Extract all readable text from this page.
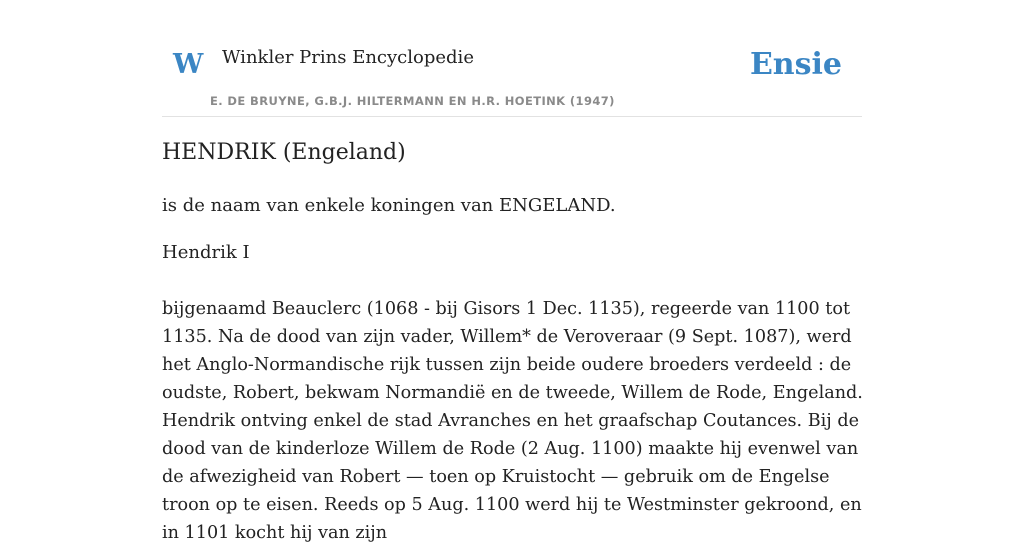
W Winkler Prins Encyclopedie
E. DE BRUYNE, G.B.J. HILTERMANN EN H.R. HOETINK (1947)
Ensie
HENDRIK (Engeland)

is de naam van enkele koningen van ENGELAND.

Hendrik I

bijgenaamd Beauclerc (1068 - bij Gisors 1 Dec. 1135), regeerde van 1100 tot 1135. Na de dood van zijn vader, Willem* de Veroveraar (9 Sept. 1087), werd het Anglo-Normandische rijk tussen zijn beide oudere broeders verdeeld : de oudste, Robert, bekwam Normandië en de tweede, Willem de Rode, Engeland. Hendrik ontving enkel de stad Avranches en het graafschap Coutances. Bij de dood van de kinderloze Willem de Rode (2 Aug. 1100) maakte hij evenwel van de afwezigheid van Robert — toen op Kruistocht — gebruik om de Engelse troon op te eisen. Reeds op 5 Aug. 1100 werd hij te Westminster gekroond, en in 1101 kocht hij van zijn
